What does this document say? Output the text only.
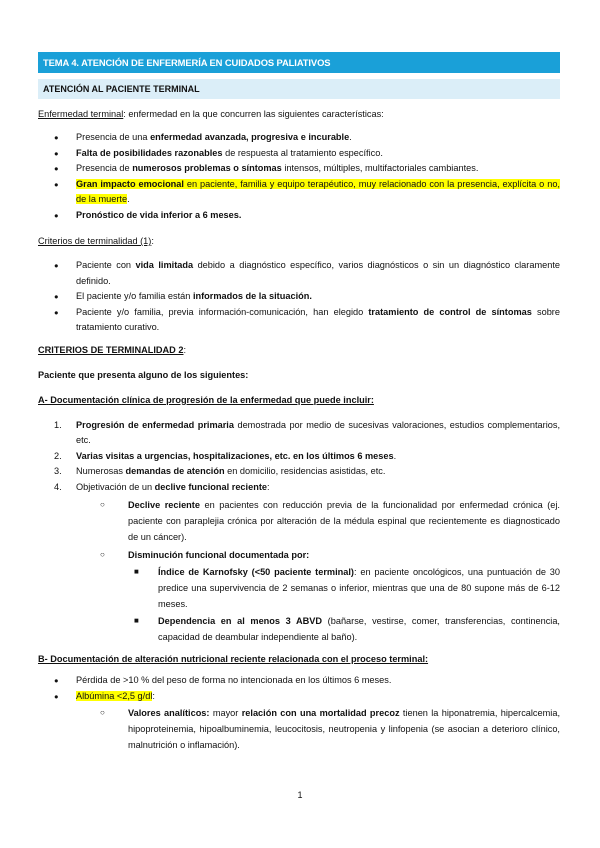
TEMA 4. ATENCIÓN DE ENFERMERÍA EN CUIDADOS PALIATIVOS
ATENCIÓN AL PACIENTE TERMINAL

Enfermedad terminal: enfermedad en la que concurren las siguientes características:

● Presencia de una enfermedad avanzada, progresiva e incurable.
● Falta de posibilidades razonables de respuesta al tratamiento específico.
● Presencia de numerosos problemas o síntomas intensos, múltiples, multifactoriales cambiantes.
● Gran impacto emocional en paciente, familia y equipo terapéutico, muy relacionado con la presencia, explícita o no, de la muerte.
● Pronóstico de vida inferior a 6 meses.

Criterios de terminalidad (1):

● Paciente con vida limitada debido a diagnóstico específico, varios diagnósticos o sin un diagnóstico claramente definido.
● El paciente y/o familia están informados de la situación.
● Paciente y/o familia, previa información-comunicación, han elegido tratamiento de control de síntomas sobre tratamiento curativo.

CRITERIOS DE TERMINALIDAD 2:

Paciente que presenta alguno de los siguientes:

A- Documentación clínica de progresión de la enfermedad que puede incluir:

1. Progresión de enfermedad primaria demostrada por medio de sucesivas valoraciones, estudios complementarios, etc.
2. Varias visitas a urgencias, hospitalizaciones, etc. en los últimos 6 meses.
3. Numerosas demandas de atención en domicilio, residencias asistidas, etc.
4. Objetivación de un declive funcional reciente:
○ Declive reciente en pacientes con reducción previa de la funcionalidad por enfermedad crónica (ej. paciente con paraplejia crónica por alteración de la médula espinal que recientemente es diagnosticado de un cáncer).
○ Disminución funcional documentada por:
■ Índice de Karnofsky (<50 paciente terminal): en paciente oncológicos, una puntuación de 30 predice una supervivencia de 2 semanas o inferior, mientras que una de 80 supone más de 6-12 meses.
■ Dependencia en al menos 3 ABVD (bañarse, vestirse, comer, transferencias, continencia, capacidad de deambular independiente al baño).

B- Documentación de alteración nutricional reciente relacionada con el proceso terminal:

● Pérdida de >10 % del peso de forma no intencionada en los últimos 6 meses.
● Albúmina <2,5 g/dl:
○ Valores analíticos: mayor relación con una mortalidad precoz tienen la hiponatremia, hipercalcemia, hipoproteinemia, hipoalbuminemia, leucocitosis, neutropenia y linfopenia (se asocian a deterioro clínico, malnutrición o inflamación).
1
